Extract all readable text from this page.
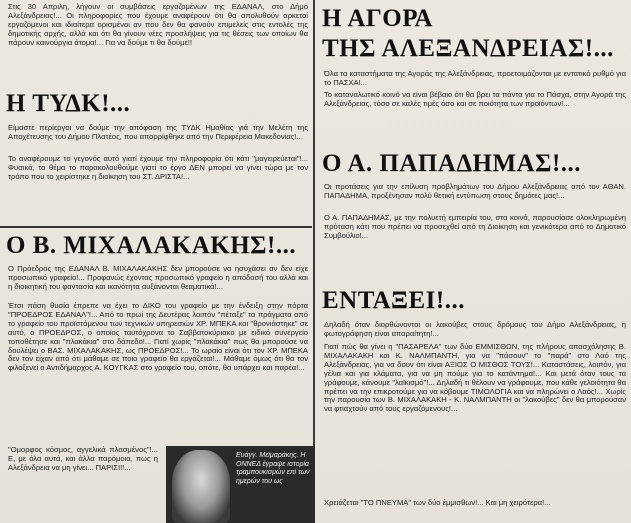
Στις 30 Απριλη, λήγουν οι συμβάσεις εργαζομένων της ΕΔΑΝΑΛ, στο Δήμο Αλεξάνδρειας!... Οι πληροφορίες που έχουμε αναφέρουν ότι θα απολυθούν αρκετοί εργαζόμενοι και ιδιαίτερα ορισμένοι αν που δεν θα φανούν επιμελείς στις εντολές της δημοτικής αρχής, αλλά και ότι θα γίνουν νέες προσλήψεις για τις θέσεις των οποίων θα πάρουν καινούργια άτομα!... Για να δούμε τι θα δούμε!!

Η ΤΥΔΚ!...

Είμαστε περίεργοι να δούμε την απόφαση της ΤΥΔΚ Ημαθίας γιά την Μελέτη της Αποχέτευσης του Δήμου Πλατέος, που απορρίφθηκε από την Περιφέρεια Μακεδονίας!...

Το αναφέρουμε το γεγονός αυτό γιατί έχουμε την πληροφορία ότι κάτι "μαγειρεύεται"!... Φυσικά, το θέμα το παρακολουθούμε γιατί το έργο ΔΕΝ μπορεί να γίνει τώρα με τον τρόπο που το χειρίστηκε η διοίκηση του ΣΤ. ΔΡΙΣΤΑ!...

Ο Β. ΜΙΧΑΛΑΚΑΚΗΣ!...

Ο Πρόεδρος της ΕΔΑΝΑΛ Β. ΜΙΧΑΛΑΚΑΚΗΣ δεν μπορούσε να ησυχάσει αν δεν είχε προσωπικό γραφείο!... Προφανώς έχοντας προσωπικό γραφείο η απόδοσή του αλλά και η διοικητική του φαντασία και ικανότητα αυξάνονται θεαματικά!...

Έτσι πάση θυσία έπρεπε να έχει το ΔΙΚΟ του γραφείο με την ένδειξη στην πόρτα "ΠΡΟΕΔΡΟΣ ΕΔΑΝΑΛ"!... Από το πρωί της Δευτέρας λοιπόν "πέταξε" τα πράγματα από το γραφείο του προϊστάμενου των τεχνικών υπηρεσιών ΧΡ. ΜΠΕΚΑ και "θρονιάστηκε" σε αυτό, ο ΠΡΟΕΔΡΟΣ, ο οποίος ταυτόχρονα το Σαββατοκύριακο με ειδικό συνεργείο τοποθέτησε και "πλακάκια" στο δάπεδο!... Γιατί χωρίς "πλακάκια" πως θα μπορούσε να δουλέψει ο ΒΑΣ. ΜΙΧΑΛΑΚΑΚΗΣ, ως ΠΡΟΕΔΡΟΣ!... Το ωραίο είναι ότι τον ΧΡ. ΜΠΕΚΑ δεν τον είχαν από ότι μάθαμε σε ποιο γραφείο θα εργάζεται!... Μάθαμε όμως ότι θα τον φιλοξενεί ο Αντιδήμαρχος Α. ΚΟΥΓΚΑΣ στο γραφείο του, οπότε, θα υπάρχει και παρέα!...

"Ομορφος κόσμος, αγγελικά πλασμένος"!... Ε, με όλα αυτά, και άλλα παρόμοια, πως η Αλεξάνδρεια να μη γίνει... ΠΑΡΙΣΙ!!...

Ευάγγ. Μεϊμαράκης. Η ΟΝΝΕΔ έγραψε ιστορία τραμπουκισμών επί των ημερών του ως
Η ΑΓΟΡΑ
ΤΗΣ ΑΛΕΞΑΝΔΡΕΙΑΣ!...

Όλα τα καταστήματα της Αγοράς της Αλεξάνδρειας, προετοιμάζονται με εντατικό ρυθμό για το ΠΑΣΧΑ!...

Το καταναλωτικό κοινό να είναι βέβαιο ότι θα βρει τα πάντα για το Πάσχα, στην Αγορά της Αλεξάνδρειας, τόσο σε καλές τιμές όσο και σε ποιότητα των προϊόντων!...

Ο Α. ΠΑΠΑΔΗΜΑΣ!...

Οι προτάσεις για την επίλυση προβλημάτων του Δήμου Αλεξάνδρειας από τον ΑΘΑΝ. ΠΑΠΑΔΗΜΑ, προξένησαν πολύ θετική εντύπωση στους δημότες μας!...

Ο Α. ΠΑΠΑΔΗΜΑΣ, με την πολυετή εμπειρία του, στα κοινά, παρουσίασε ολοκληρωμένη πρόταση κάτι που πρέπει να προσεχθεί από τη Διοίκηση και γενικότερα από το Δημοτικό Συμβούλιο!...

ΕΝΤΑΞΕΙ!...

Δηλαδή όταν διορθώνονται οι λακούβες στους δρόμους του Δήμο Αλεξάνδρειας, η φωτογράφηση είναι απαραίτητη!...

Γιατί πώς θα γίνει η "ΠΑΣΑΡΕΛΑ" των δύο ΕΜΜΙΣΘΩΝ, της πλήρους απασχόλησης Β. ΜΙΧΑΛΑΚΑΚΗ και Κ. ΝΑΛΜΠΑΝΤΗ, για να "πάσουν" το "παρά" στο Λαό της Αλεξάνδρειας, για να δουν ότι είναι ΑΞΙΟΣ Ο ΜΙΣΘΟΣ ΤΟΥΣ!... Καταστάσεις, λοιπόν, για γέλια και για κλάματα, για να μη πούμε για το κατάντημα!... Και μετά όταν τους τα γράφουμε, κάνουμε "λαϊκισμό"!... Δηλαδή τι θέλουν να γράφουμε, που κάθε γελοιότητα θα πρέπει να την επικροτούμε για να κόβουμε ΤΙΜΟΛΟΓΙΑ και να πληρώνει ο Λαός!... Χωρίς την παρουσία των Β. ΜΙΧΑΛΑΚΑΚΗ - Κ. ΝΑΛΜΠΑΝΤΗ οι "λακούβες" δεν θα μπορούσαν να φτιαχτούν από τους εργαζόμενους!...

Χρειάζεται "ΤΟ ΠΝΕΥΜΑ" των δύο έμμισθων!... Και μη χειρότερα!...
